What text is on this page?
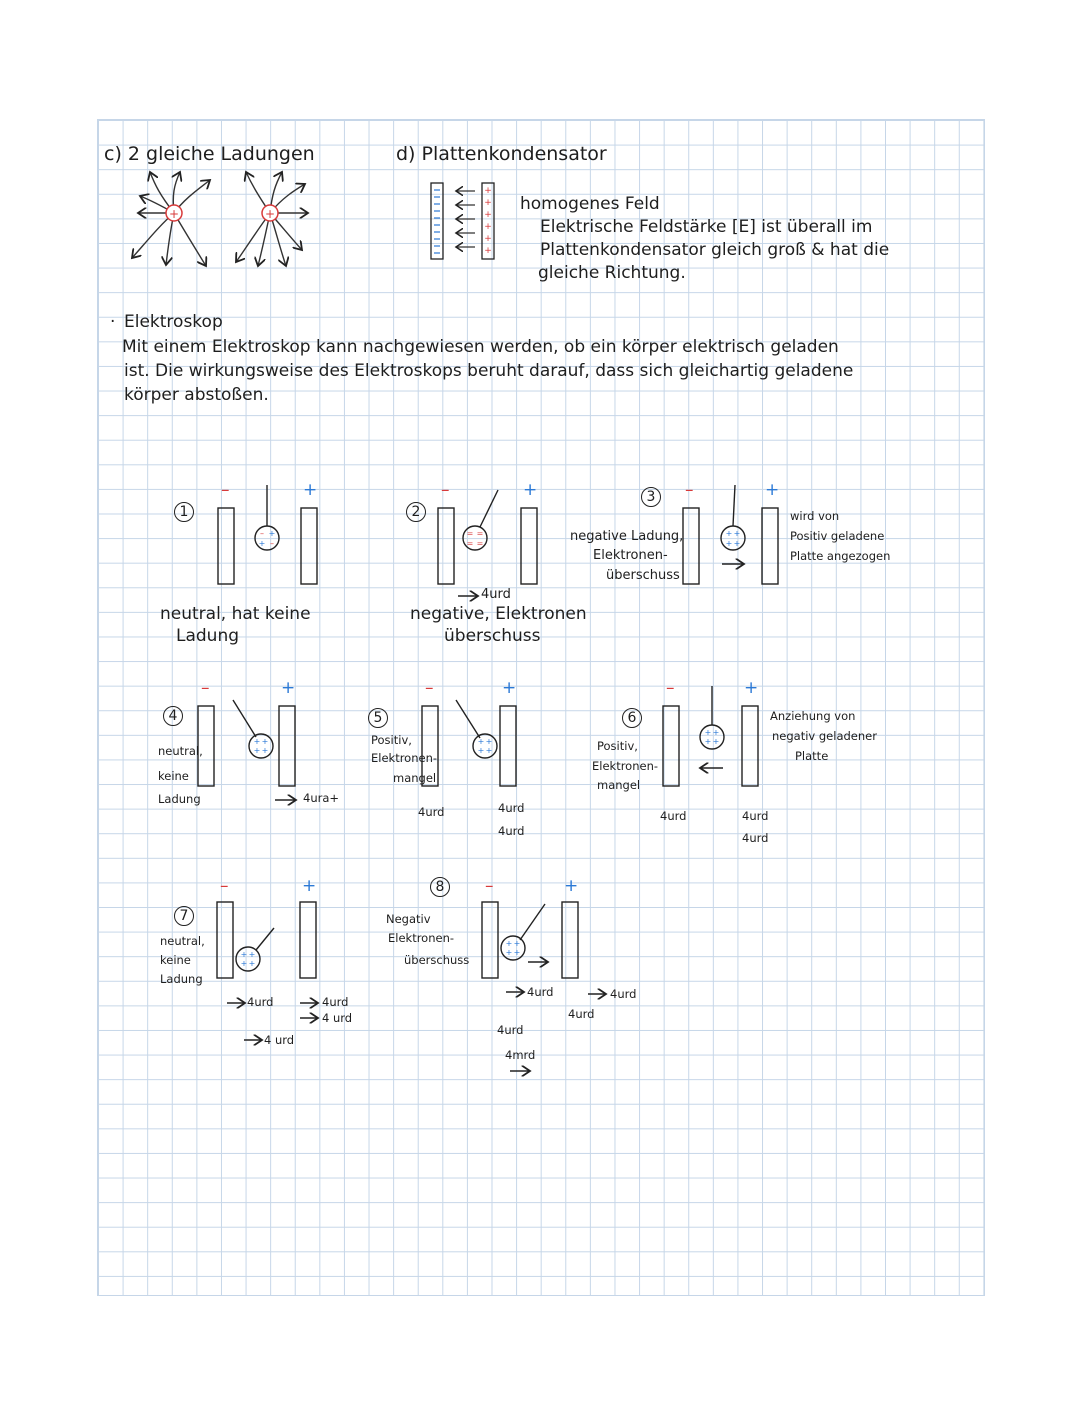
+	+
+
+
+
+
+
+
– +
+ –
= =
= =
+ +
+ +
+ +
+ +
+ +
+ +
+ +
+ +
+ +
+ +
+ +
+ +
c) 2 gleiche Ladungen	d) Plattenkondensator
homogenes Feld
Elektrische Feldstärke [E] ist überall im
Plattenkondensator gleich groß & hat die
gleiche Richtung.
· Elektroskop
Mit einem Elektroskop kann nachgewiesen werden, ob ein körper elektrisch geladen
ist. Die wirkungsweise des Elektroskops beruht darauf, dass sich gleichartig geladene
körper abstoßen.
1
–	+
neutral, hat keine
Ladung
2
–	+
4urd
negative, Elektronen
überschuss
3	–	+
negative Ladung,
Elektronen-
überschuss
wird von
Positiv geladene
Platte angezogen
4
–	+
neutral,
keine
Ladung	4ura+
5
–	+
Positiv,
Elektronen-
mangel
4urd	4urd
4urd
6
–	+
Positiv,
Elektronen-
mangel
Anziehung von
negativ geladener
Platte
4urd	4urd
4urd
7
–	+
neutral,
keine
Ladung
4urd
4 urd
4urd
4 urd
8	–	+
Negativ
Elektronen-
überschuss
4urd	4urd
4urd
4urd
4mrd
